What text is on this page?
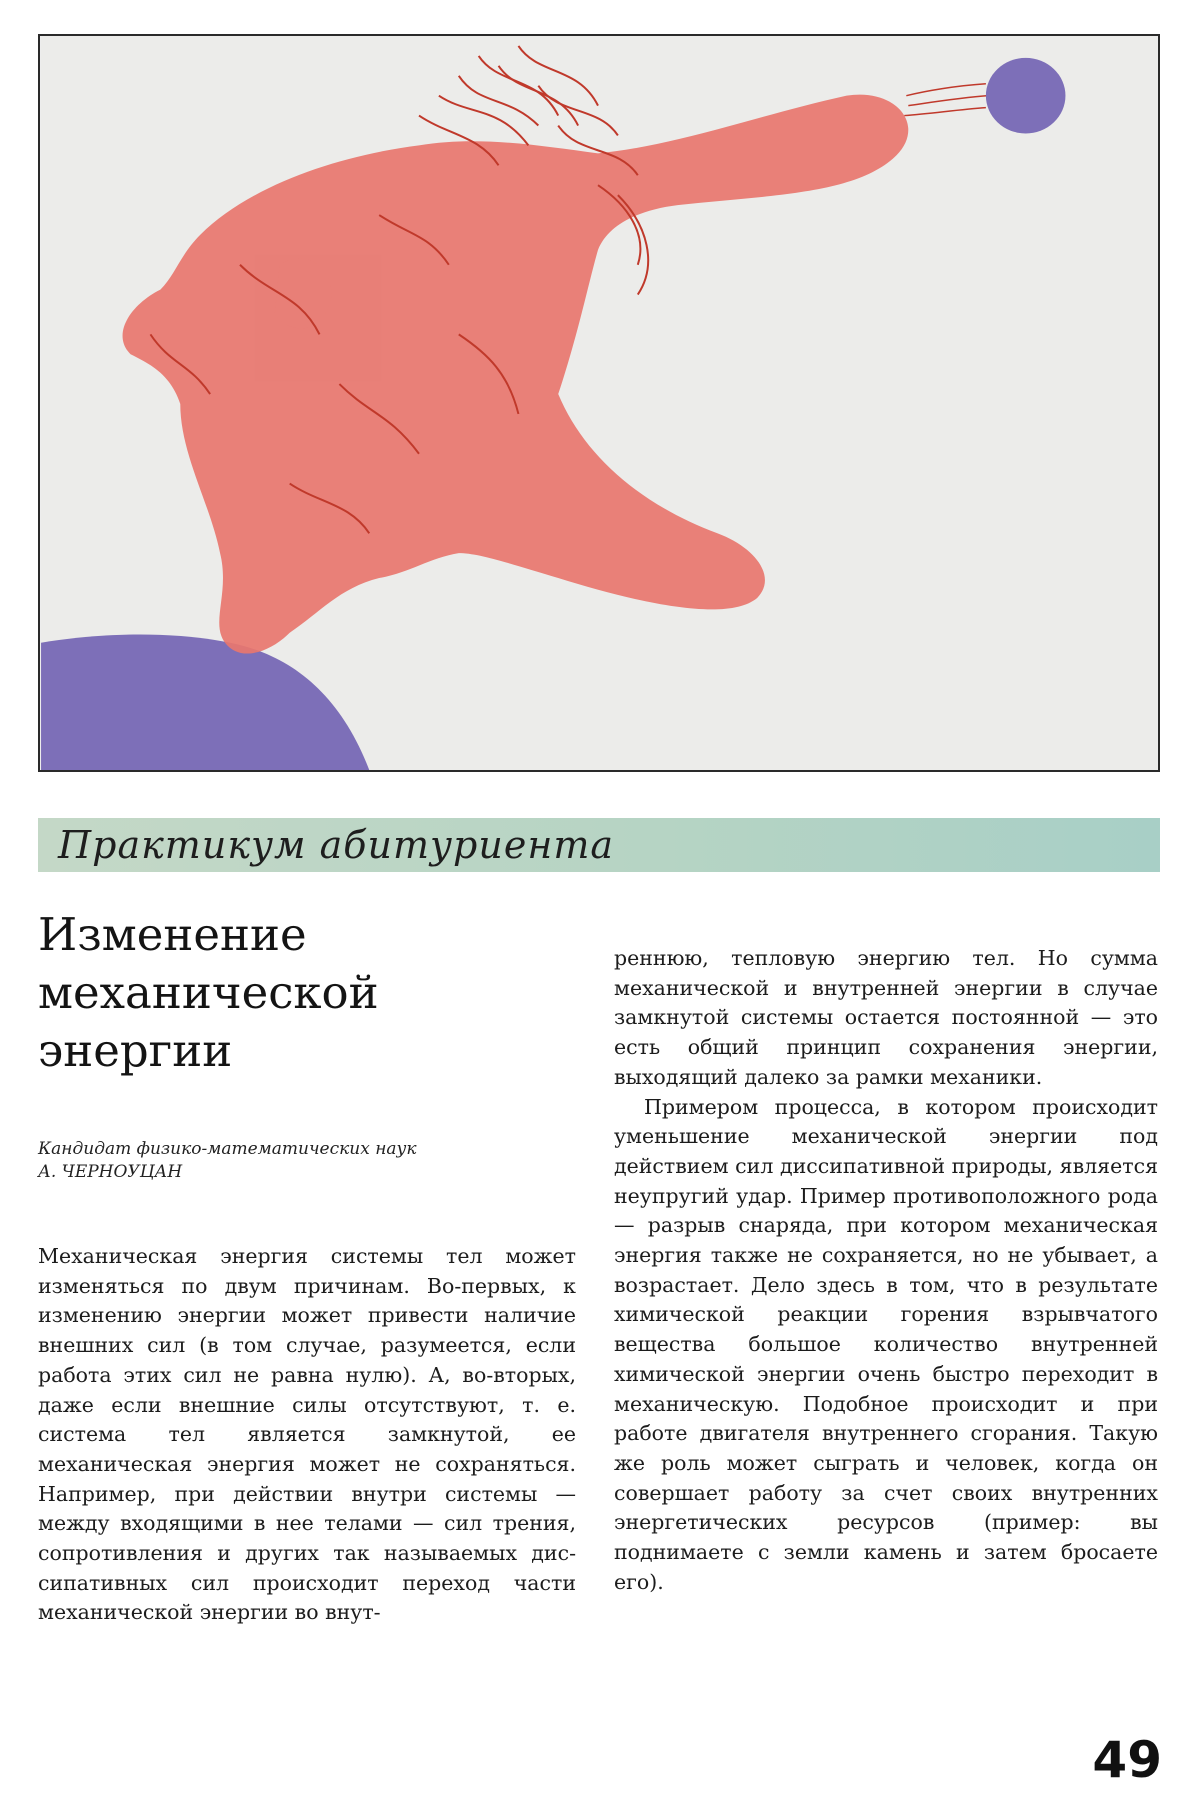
Практикум абитуриента
Изменение
механической
энергии
Кандидат физико-математических наук
А. ЧЕРНОУЦАН

Механическая энергия системы тел может изменяться по двум причинам. Во-первых, к изменению энергии может привести наличие внешних сил (в том случае, разумеется, если работа этих сил не равна нулю). А, во-вторых, даже если внешние силы отсутствуют, т. е. система тел является замкнутой, ее механическая энергия может не сохраняться. Например, при действии внутри системы — между входящими в нее телами — сил трения, сопротивления и других так называемых диссипативных сил происходит переход части механической энергии во внут-

реннюю, тепловую энергию тел. Но сумма механической и внутренней энергии в случае замкнутой системы остается постоянной — это есть общий принцип сохранения энергии, выходящий далеко за рамки механики.

Примером процесса, в котором происходит уменьшение механической энергии под действием сил диссипативной природы, является неупругий удар. Пример противоположного рода — разрыв снаряда, при котором механическая энергия также не сохраняется, но не убывает, а возрастает. Дело здесь в том, что в результате химической реакции горения взрывчатого вещества большое количество внутренней химической энергии очень быстро переходит в механическую. Подобное происходит и при работе двигателя внутреннего сгорания. Такую же роль может сыграть и человек, когда он совершает работу за счет своих внутренних энергетических ресурсов (пример: вы поднимаете с земли камень и затем бросаете его).

49
